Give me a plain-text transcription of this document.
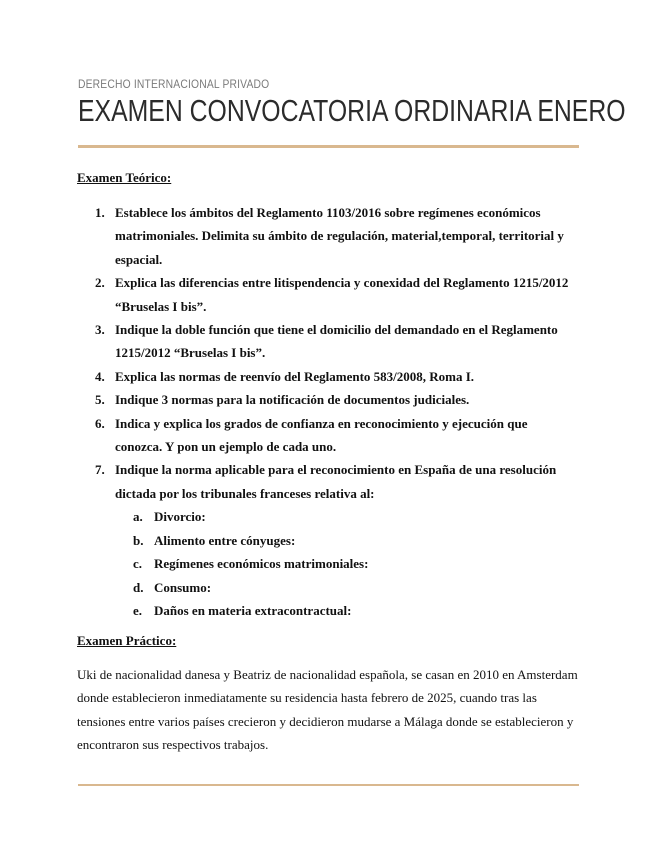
DERECHO INTERNACIONAL PRIVADO
EXAMEN CONVOCATORIA ORDINARIA ENERO
Examen Teórico:
1. Establece los ámbitos del Reglamento 1103/2016 sobre regímenes económicos matrimoniales. Delimita su ámbito de regulación, material,temporal, territorial y espacial.
2. Explica las diferencias entre litispendencia y conexidad del Reglamento 1215/2012 “Bruselas I bis”.
3. Indique la doble función que tiene el domicilio del demandado en el Reglamento 1215/2012 “Bruselas I bis”.
4. Explica las normas de reenvío del Reglamento 583/2008, Roma I.
5. Indique 3 normas para la notificación de documentos judiciales.
6. Indica y explica los grados de confianza en reconocimiento y ejecución que conozca. Y pon un ejemplo de cada uno.
7. Indique la norma aplicable para el reconocimiento en España de una resolución dictada por los tribunales franceses relativa al:
a. Divorcio:
b. Alimento entre cónyuges:
c. Regímenes económicos matrimoniales:
d. Consumo:
e. Daños en materia extracontractual:
Examen Práctico:
Uki de nacionalidad danesa y Beatriz de nacionalidad española, se casan en 2010 en Amsterdam donde establecieron inmediatamente su residencia hasta febrero de 2025, cuando tras las tensiones entre varios países crecieron y decidieron mudarse a Málaga donde se establecieron y encontraron sus respectivos trabajos.
